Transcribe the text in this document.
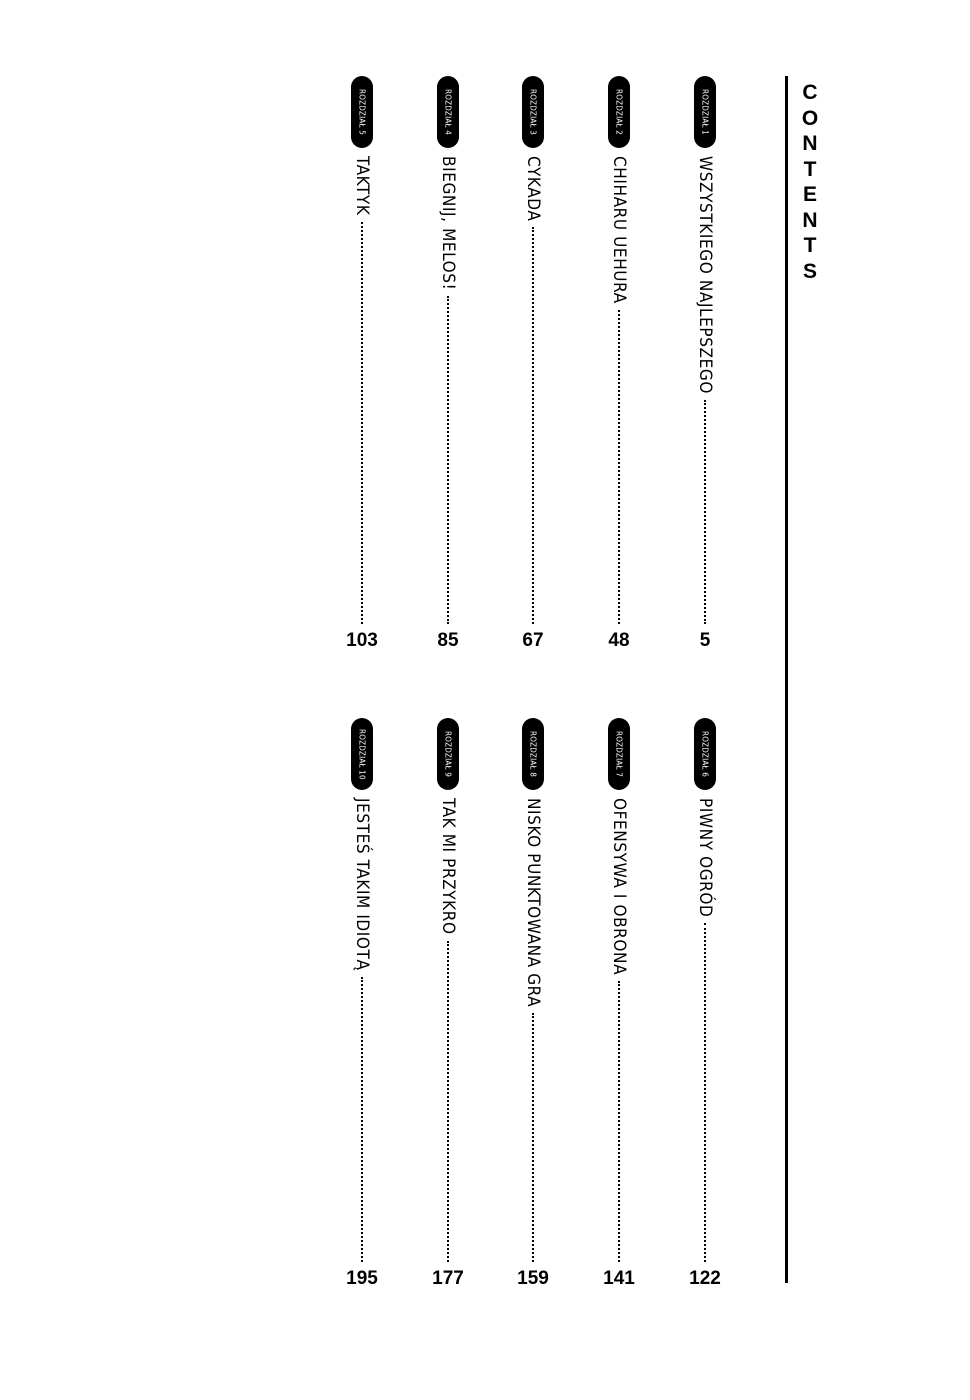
C
O
N
T
E
N
T
S
ROZDZIAŁ 1
WSZYSTKIEGO NAJLEPSZEGO
5
ROZDZIAŁ 2
CHIHARU UEHURA
48
ROZDZIAŁ 3
CYKADA
67
ROZDZIAŁ 4
BIEGNIJ, MELOS!
85
ROZDZIAŁ 5
TAKTYK
103
ROZDZIAŁ 6
PIWNY OGRÓD
122
ROZDZIAŁ 7
OFENSYWA I OBRONA
141
ROZDZIAŁ 8
NISKO PUNKTOWANA GRA
159
ROZDZIAŁ 9
TAK MI PRZYKRO
177
ROZDZIAŁ 10
JESTEŚ TAKIM IDIOTĄ
195
